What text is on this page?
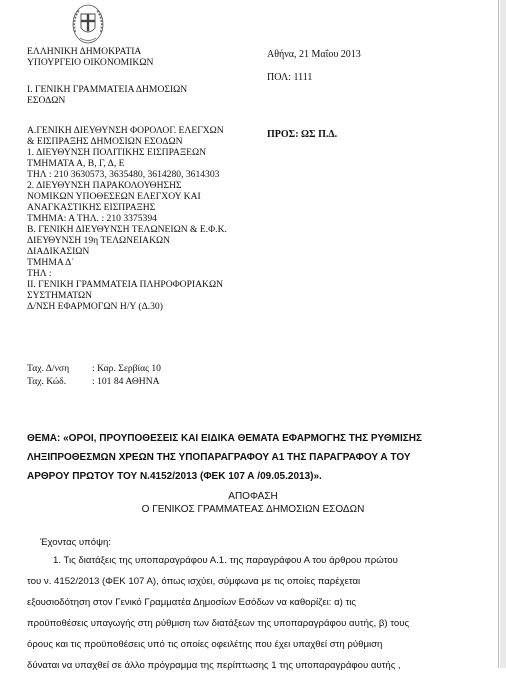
ΕΛΛΗΝΙΚΗ ΔΗΜΟΚΡΑΤΙΑ
ΥΠΟΥΡΓΕΙΟ ΟΙΚΟΝΟΜΙΚΩΝ
Αθήνα, 21 Μαΐου 2013
ΠΟΛ: 1111
ΠΡΟΣ: ΩΣ Π.Δ.
Ι. ΓΕΝΙΚΗ ΓΡΑΜΜΑΤΕΙΑ ΔΗΜΟΣΙΩΝ
ΕΣΟΔΩΝ
Α.ΓΕΝΙΚΗ ΔΙΕΥΘΥΝΣΗ ΦΟΡΟΛΟΓ. ΕΛΕΓΧΩΝ
& ΕΙΣΠΡΑΞΗΣ ΔΗΜΟΣΙΩΝ ΕΣΟΔΩΝ
1. ΔΙΕΥΘΥΝΣΗ ΠΟΛΙΤΙΚΗΣ ΕΙΣΠΡΑΞΕΩΝ
ΤΜΗΜΑΤΑ Α, Β, Γ, Δ, Ε
ΤΗΛ : 210 3630573, 3635480, 3614280, 3614303
2. ΔΙΕΥΘΥΝΣΗ ΠΑΡΑΚΟΛΟΥΘΗΣΗΣ
ΝΟΜΙΚΩΝ ΥΠΟΘΕΣΕΩΝ ΕΛΕΓΧΟΥ ΚΑΙ
ΑΝΑΓΚΑΣΤΙΚΗΣ ΕΙΣΠΡΑΞΗΣ
ΤΜΗΜΑ: Α ΤΗΛ. : 210 3375394
Β. ΓΕΝΙΚΗ ΔΙΕΥΘΥΝΣΗ ΤΕΛΩΝΕΙΩΝ & Ε.Φ.Κ.
ΔΙΕΥΘΥΝΣΗ 19η ΤΕΛΩΝΕΙΑΚΩΝ
ΔΙΑΔΙΚΑΣΙΩΝ
ΤΜΗΜΑ Δ΄
ΤΗΛ :
ΙΙ. ΓΕΝΙΚΗ ΓΡΑΜΜΑΤΕΙΑ ΠΛΗΡΟΦΟΡΙΑΚΩΝ
ΣΥΣΤΗΜΑΤΩΝ
Δ/ΝΣΗ ΕΦΑΡΜΟΓΩΝ Η/Υ (Δ.30)
Ταχ. Δ/νση : Καρ. Σερβίας 10
Ταχ. Κώδ.	: 101 84 ΑΘΗΝΑ
ΘΕΜΑ: «ΟΡΟΙ, ΠΡΟΥΠΟΘΕΣΕΙΣ ΚΑΙ ΕΙΔΙΚΑ ΘΕΜΑΤΑ ΕΦΑΡΜΟΓΗΣ ΤΗΣ ΡΥΘΜΙΣΗΣ
ΛΗΞΙΠΡΟΘΕΣΜΩΝ ΧΡΕΩΝ ΤΗΣ ΥΠΟΠΑΡΑΓΡΑΦΟΥ Α1 ΤΗΣ ΠΑΡΑΓΡΑΦΟΥ Α ΤΟΥ
ΑΡΘΡΟΥ ΠΡΩΤΟΥ ΤΟΥ Ν.4152/2013 (ΦΕΚ 107 Α /09.05.2013)».
ΑΠΟΦΑΣΗ
Ο ΓΕΝΙΚΟΣ ΓΡΑΜΜΑΤΕΑΣ ΔΗΜΟΣΙΩΝ ΕΣΟΔΩΝ
Έχοντας υπόψη:
1. Τις διατάξεις της υποπαραγράφου Α.1. της παραγράφου Α του άρθρου πρώτου
του ν. 4152/2013 (ΦΕΚ 107 Α), όπως ισχύει, σύμφωνα με τις οποίες παρέχεται
εξουσιοδότηση στον Γενικό Γραμματέα Δημοσίων Εσόδων να καθορίζει: α) τις
προϋποθέσεις υπαγωγής στη ρύθμιση των διατάξεων της υποπαραγράφου αυτής, β) τους
όρους και τις προϋποθέσεις υπό τις οποίες οφειλέτης που έχει υπαχθεί στη ρύθμιση
δύναται να υπαχθεί σε άλλο πρόγραμμα της περίπτωσης 1 της υποπαραγράφου αυτής ,
